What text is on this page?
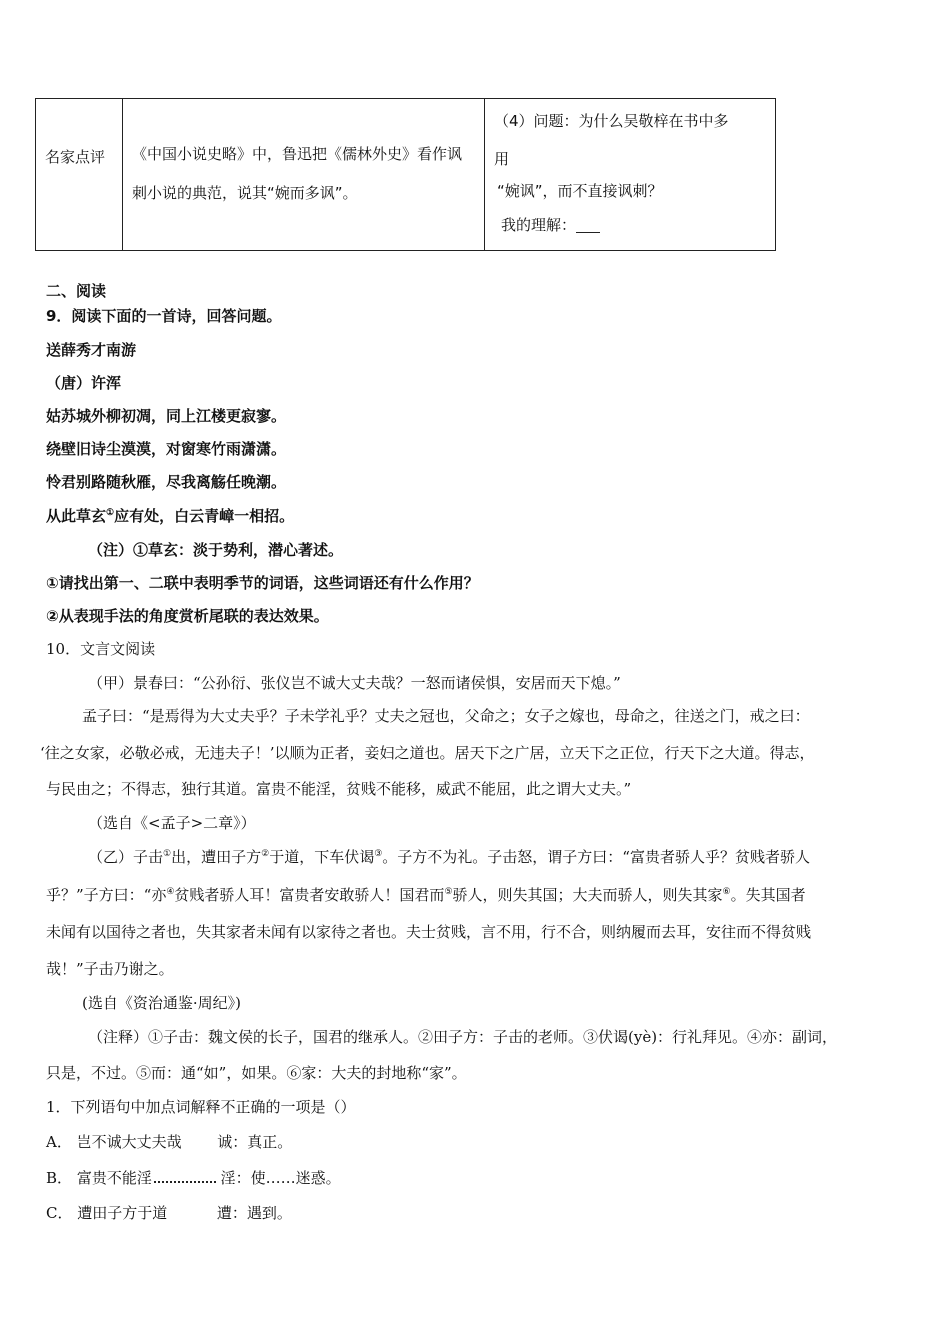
名家点评 《中国小说史略》中，鲁迅把《儒林外史》看作讽
刺小说的典范，说其“婉而多讽”。
（4）问题：为什么吴敬梓在书中多
用
“婉讽”，而不直接讽刺？
我的理解：
二、阅读
9．阅读下面的一首诗，回答问题。
送薛秀才南游
（唐）许浑
姑苏城外柳初凋，同上江楼更寂寥。
绕壁旧诗尘漠漠，对窗寒竹雨潇潇。
怜君别路随秋雁，尽我离觞任晚潮。
从此草玄①应有处，白云青嶂一相招。
（注）①草玄：淡于势利，潜心著述。
①请找出第一、二联中表明季节的词语，这些词语还有什么作用？
②从表现手法的角度赏析尾联的表达效果。
10．文言文阅读
（甲）景春曰：“公孙衍、张仪岂不诚大丈夫哉？一怒而诸侯惧，安居而天下熄。”
孟子曰：“是焉得为大丈夫乎？子未学礼乎？丈夫之冠也，父命之；女子之嫁也，母命之，往送之门，戒之曰：
‘往之女家，必敬必戒，无违夫子！’以顺为正者，妾妇之道也。居天下之广居，立天下之正位，行天下之大道。得志，
与民由之；不得志，独行其道。富贵不能淫，贫贱不能移，威武不能屈，此之谓大丈夫。”
（选自《<孟子>二章》）
（乙）子击①出，遭田子方②于道，下车伏谒③。子方不为礼。子击怒，谓子方曰：“富贵者骄人乎？贫贱者骄人
乎？”子方曰：“亦④贫贱者骄人耳！富贵者安敢骄人！国君而⑤骄人，则失其国；大夫而骄人，则失其家⑥。失其国者
未闻有以国待之者也，失其家者未闻有以家待之者也。夫士贫贱，言不用，行不合，则纳履而去耳，安往而不得贫贱
哉！”子击乃谢之。
(选自《资治通鉴·周纪》)
（注释）①子击：魏文侯的长子，国君的继承人。②田子方：子击的老师。③伏谒(yè)：行礼拜见。④亦：副词，
只是，不过。⑤而：通“如”，如果。⑥家：大夫的封地称“家”。
1．下列语句中加点词解释不正确的一项是（）
A． 岂不诚大丈夫哉 诚：真正。
B． 富贵不能淫	淫：使……迷惑。
C． 遭田子方于道	遭：遇到。
